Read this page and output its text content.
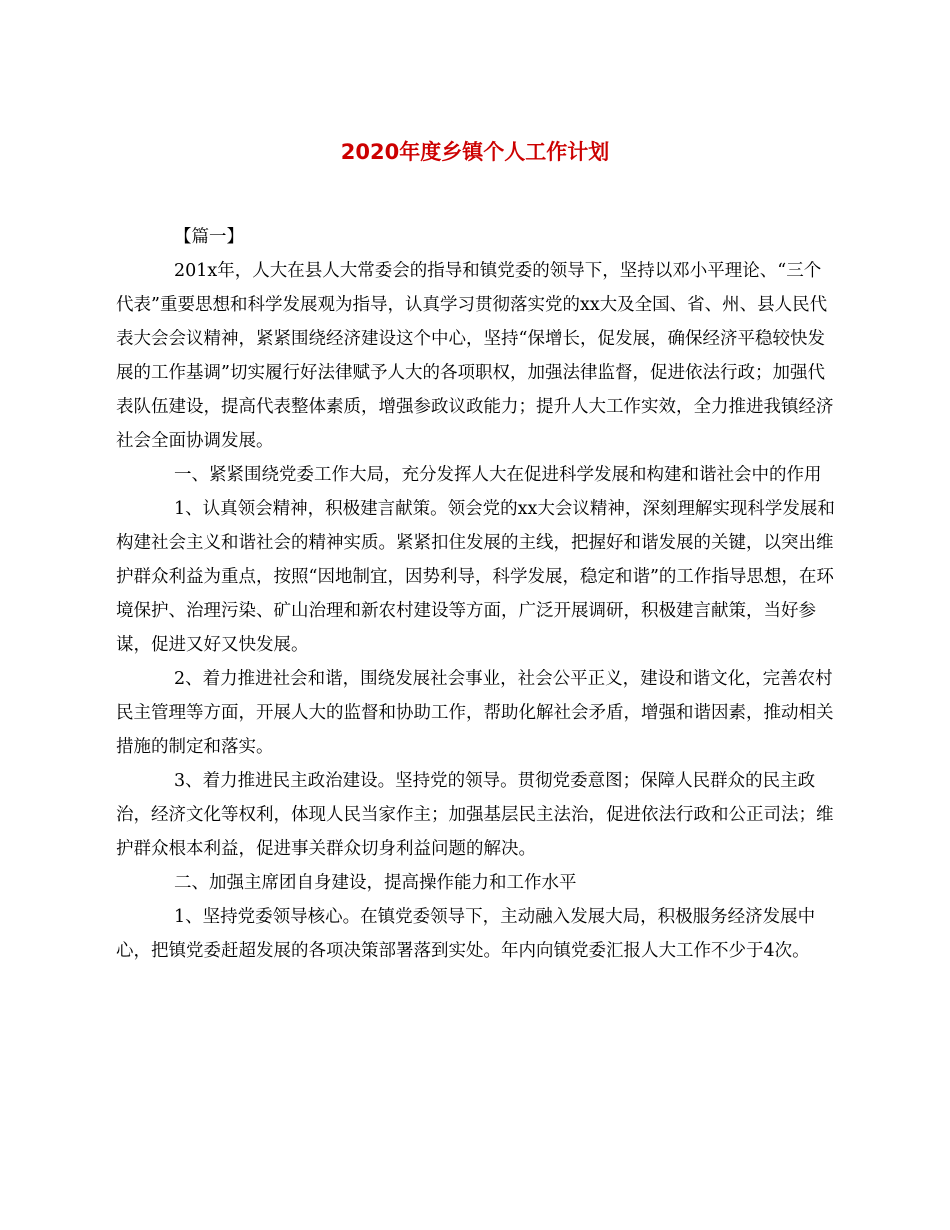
2020年度乡镇个人工作计划

【篇一】

201x年，人大在县人大常委会的指导和镇党委的领导下，坚持以邓小平理论、“三个代表”重要思想和科学发展观为指导，认真学习贯彻落实党的xx大及全国、省、州、县人民代表大会会议精神，紧紧围绕经济建设这个中心，坚持“保增长，促发展，确保经济平稳较快发展的工作基调”切实履行好法律赋予人大的各项职权，加强法律监督，促进依法行政；加强代表队伍建设，提高代表整体素质，增强参政议政能力；提升人大工作实效，全力推进我镇经济社会全面协调发展。

一、紧紧围绕党委工作大局，充分发挥人大在促进科学发展和构建和谐社会中的作用

1、认真领会精神，积极建言献策。领会党的xx大会议精神，深刻理解实现科学发展和构建社会主义和谐社会的精神实质。紧紧扣住发展的主线，把握好和谐发展的关键，以突出维护群众利益为重点，按照“因地制宜，因势利导，科学发展，稳定和谐”的工作指导思想，在环境保护、治理污染、矿山治理和新农村建设等方面，广泛开展调研，积极建言献策，当好参谋，促进又好又快发展。

2、着力推进社会和谐，围绕发展社会事业，社会公平正义，建设和谐文化，完善农村民主管理等方面，开展人大的监督和协助工作，帮助化解社会矛盾，增强和谐因素，推动相关措施的制定和落实。

3、着力推进民主政治建设。坚持党的领导。贯彻党委意图；保障人民群众的民主政治，经济文化等权利，体现人民当家作主；加强基层民主法治，促进依法行政和公正司法；维护群众根本利益，促进事关群众切身利益问题的解决。

二、加强主席团自身建设，提高操作能力和工作水平

1、坚持党委领导核心。在镇党委领导下，主动融入发展大局，积极服务经济发展中心，把镇党委赶超发展的各项决策部署落到实处。年内向镇党委汇报人大工作不少于4次。
